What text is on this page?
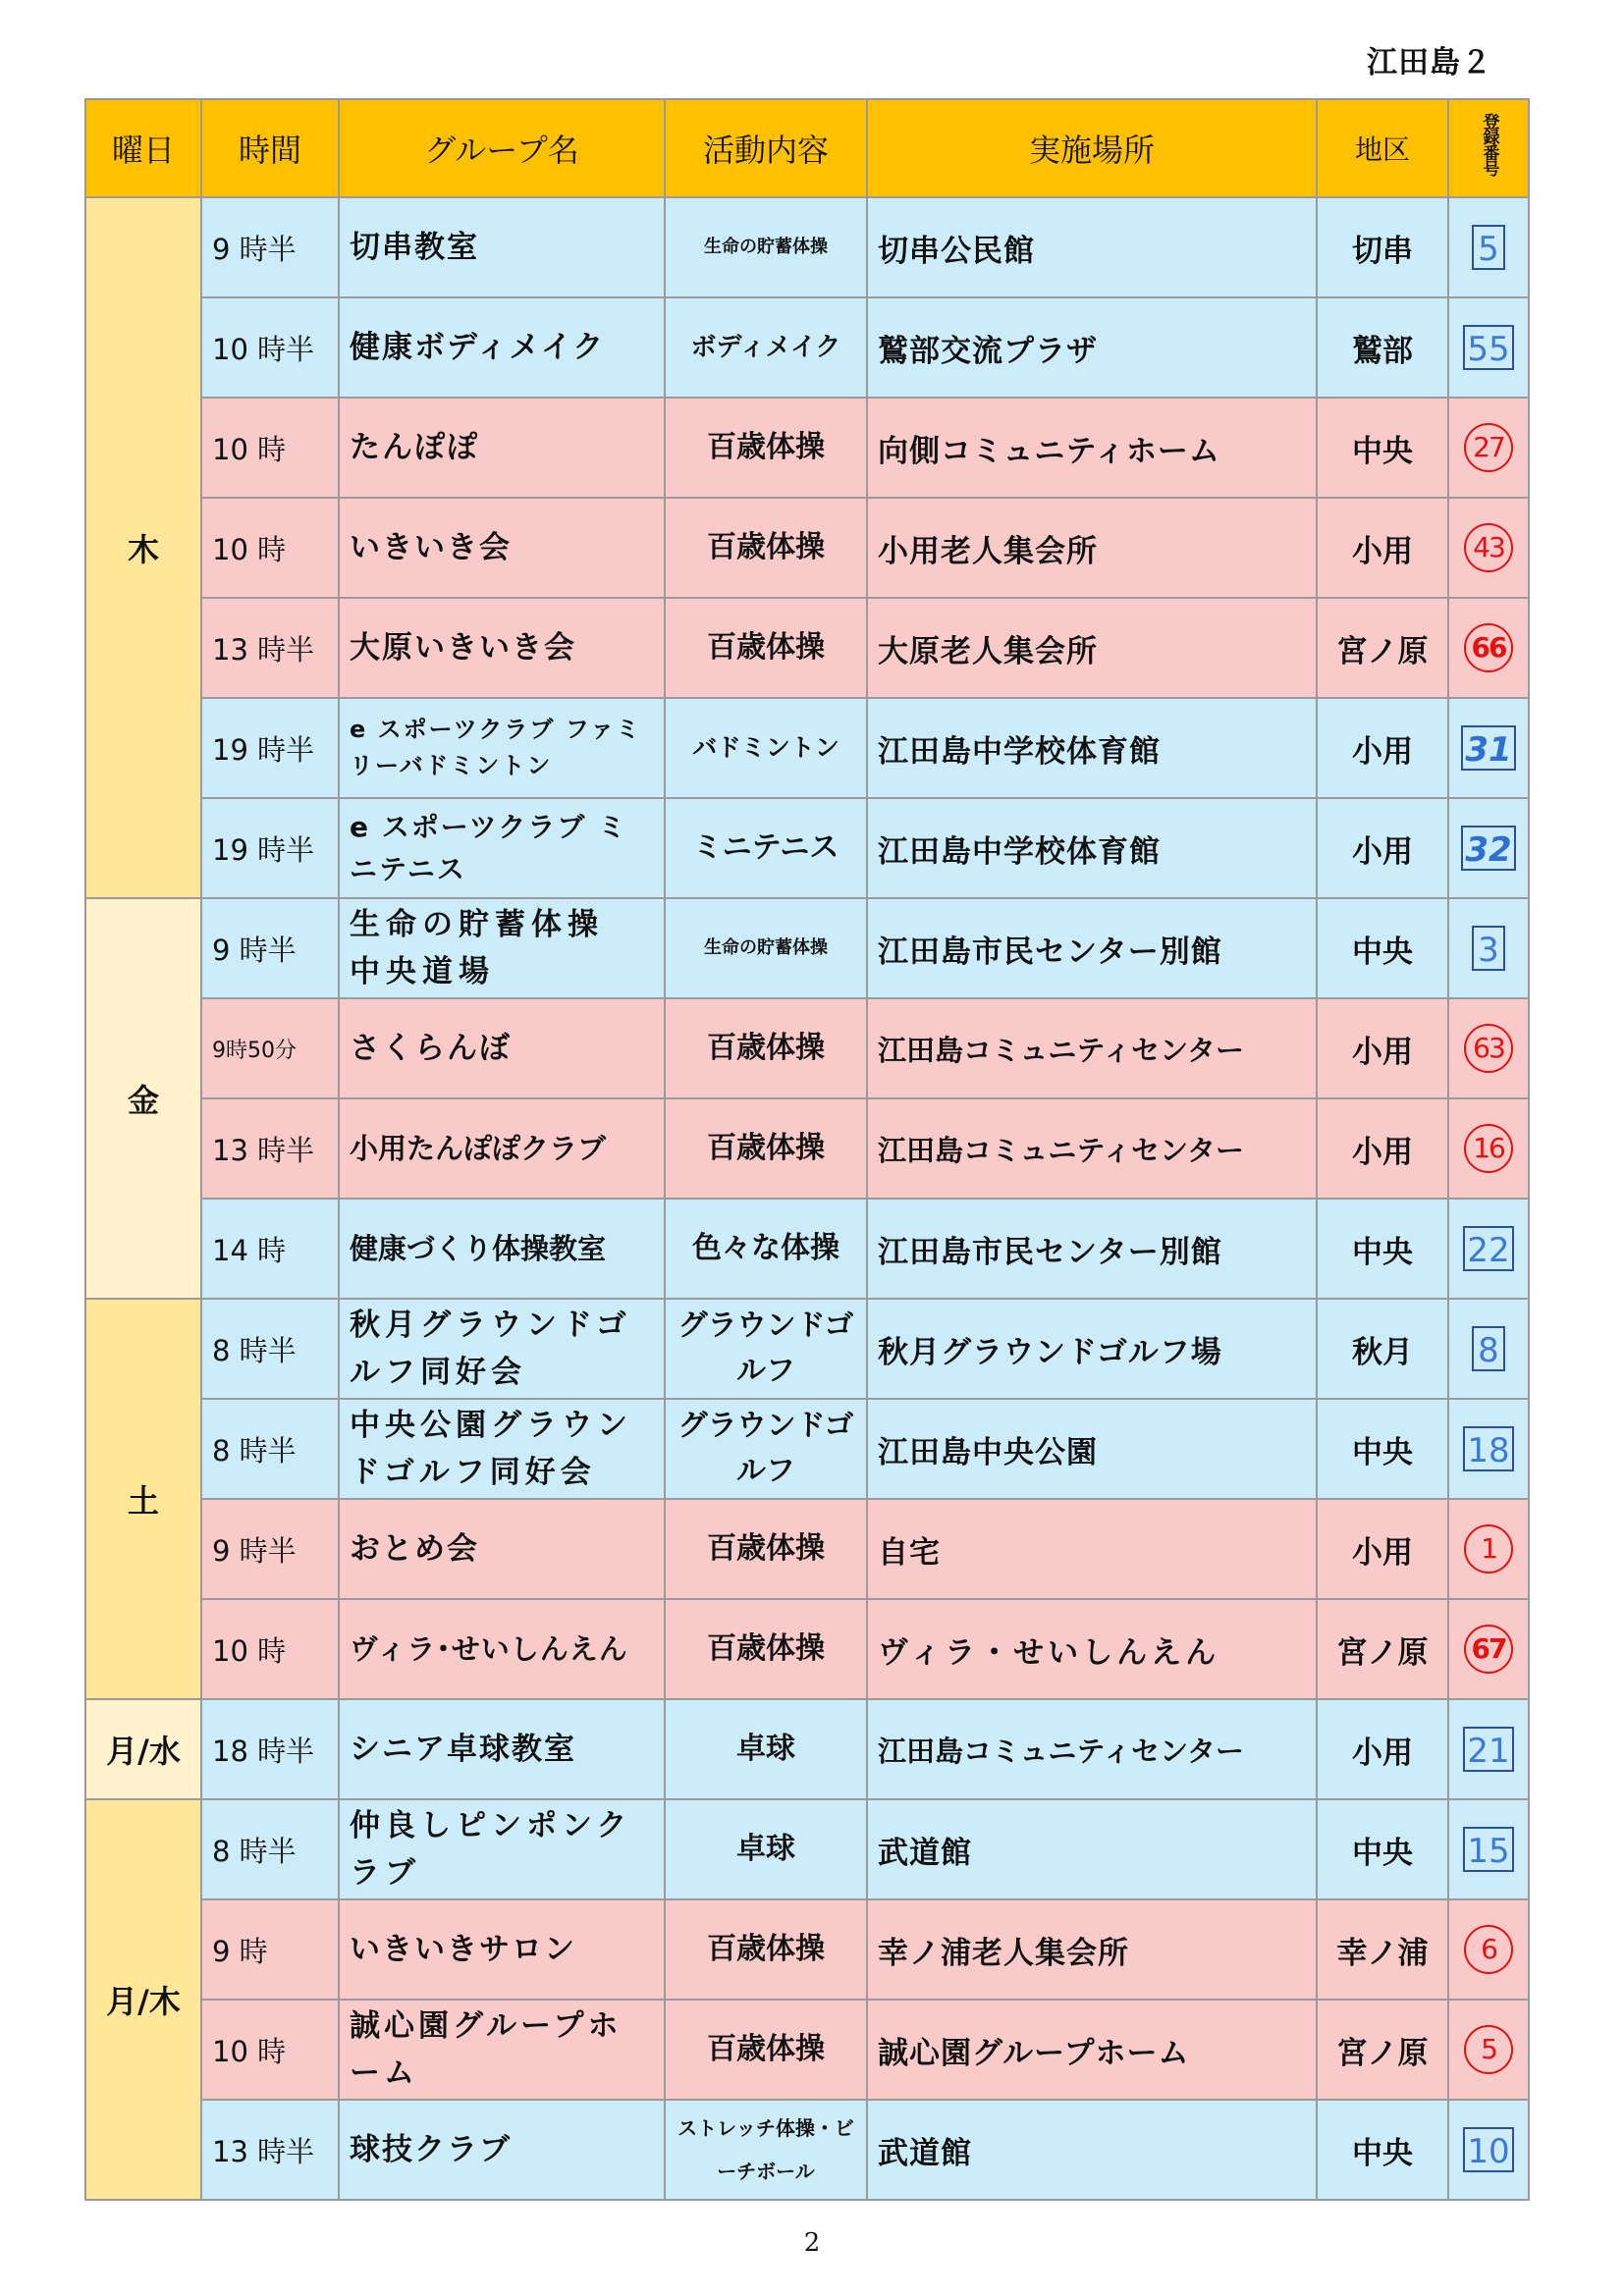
江田島２
曜日	時間	グループ名	活動内容	実施場所	地区	登録番号
木	9 時半	切串教室	生命の貯蓄体操	切串公民館	切串	5
	10 時半	健康ボディメイク	ボディメイク	鷲部交流プラザ	鷲部	55
	10 時	たんぽぽ	百歳体操	向側コミュニティホーム	中央	27
	10 時	いきいき会	百歳体操	小用老人集会所	小用	43
	13 時半	大原いきいき会	百歳体操	大原老人集会所	宮ノ原	66
	19 時半	e スポーツクラブ ファミリーバドミントン	バドミントン	江田島中学校体育館	小用	31
	19 時半	e スポーツクラブ ミニテニス	ミニテニス	江田島中学校体育館	小用	32
金	9 時半	生命の貯蓄体操 中央道場	生命の貯蓄体操	江田島市民センター別館	中央	3
	9時50分	さくらんぼ	百歳体操	江田島コミュニティセンター	小用	63
	13 時半	小用たんぽぽクラブ	百歳体操	江田島コミュニティセンター	小用	16
	14 時	健康づくり体操教室	色々な体操	江田島市民センター別館	中央	22
土	8 時半	秋月グラウンドゴルフ同好会	グラウンドゴルフ	秋月グラウンドゴルフ場	秋月	8
	8 時半	中央公園グラウンドゴルフ同好会	グラウンドゴルフ	江田島中央公園	中央	18
	9 時半	おとめ会	百歳体操	自宅	小用	1
	10 時	ヴィラ･せいしんえん	百歳体操	ヴィラ・せいしんえん	宮ノ原	67
月/水	18 時半	シニア卓球教室	卓球	江田島コミュニティセンター	小用	21
月/木	8 時半	仲良しピンポンクラブ	卓球	武道館	中央	15
	9 時	いきいきサロン	百歳体操	幸ノ浦老人集会所	幸ノ浦	6
	10 時	誠心園グループホーム	百歳体操	誠心園グループホーム	宮ノ原	5
	13 時半	球技クラブ	ストレッチ体操・ビーチボール	武道館	中央	10
2
